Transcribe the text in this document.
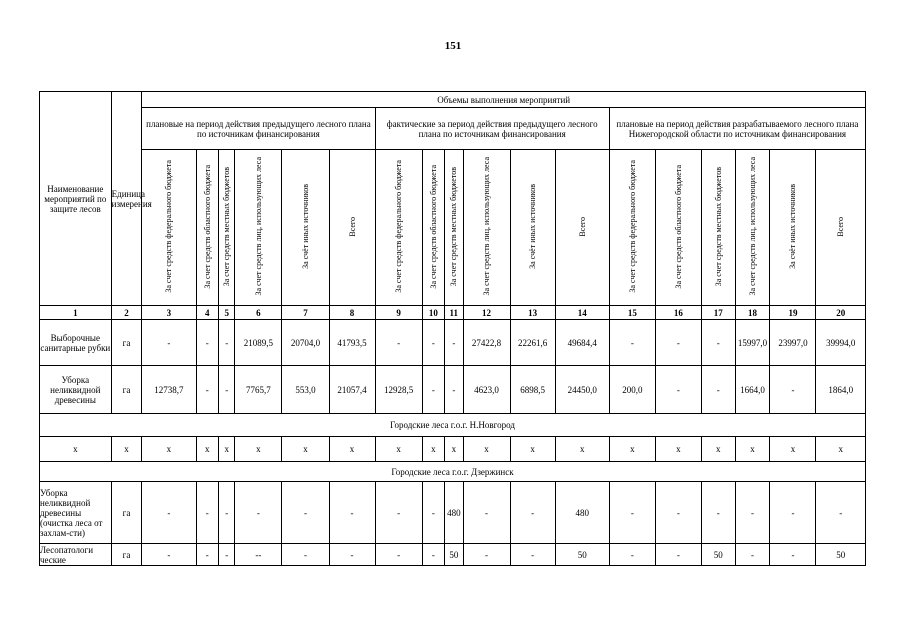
151
Наименование мероприятий по защите лесов	Единица измерения	Объемы выполнения мероприятий																	
		плановые на период действия предыдущего лесного плана по источникам финансирования						фактические за период действия предыдущего лесного плана по источникам финансирования						плановые на период действия разрабатываемого лесного плана Нижегородской области по источникам финансирования					
		За счет средств федерального бюджета	За счет средств областного бюджета	За счет средств местных бюджетов	За счет средств лиц, использующих леса	За счёт иных источников	Всего	За счет средств федерального бюджета	За счет средств областного бюджета	За счет средств местных бюджетов	За счет средств лиц, использующих леса	За счёт иных источников	Всего	За счет средств федерального бюджета	За счет средств областного бюджета	За счет средств местных бюджетов	За счет средств лиц, использующих леса	За счёт иных источников	Всего
1	2	3	4	5	6	7	8	9	10	11	12	13	14	15	16	17	18	19	20
Выборочные санитарные рубки	га	-	-	-	21089,5	20704,0	41793,5	-	-	-	27422,8	22261,6	49684,4	-	-	-	15997,0	23997,0	39994,0
Уборка неликвидной древесины	га	12738,7	-	-	7765,7	553,0	21057,4	12928,5	-	-	4623,0	6898,5	24450,0	200,0	-	-	1664,0	-	1864,0
Городские леса г.о.г. Н.Новгород																			
х	х	х	х	х	х	х	х	х	х	х	х	х	х	х	х	х	х	х	х
Городские леса г.о.г. Дзержинск																			
Уборка неликвидной древесины (очистка леса от захлам-сти)	га	-	-	-	-	-	-	-	-	480	-	-	480	-	-	-	-	-	-
Лесопатологи ческие	га	-	-	-	--	-	-	-	-	50	-	-	50	-	-	50	-	-	50
